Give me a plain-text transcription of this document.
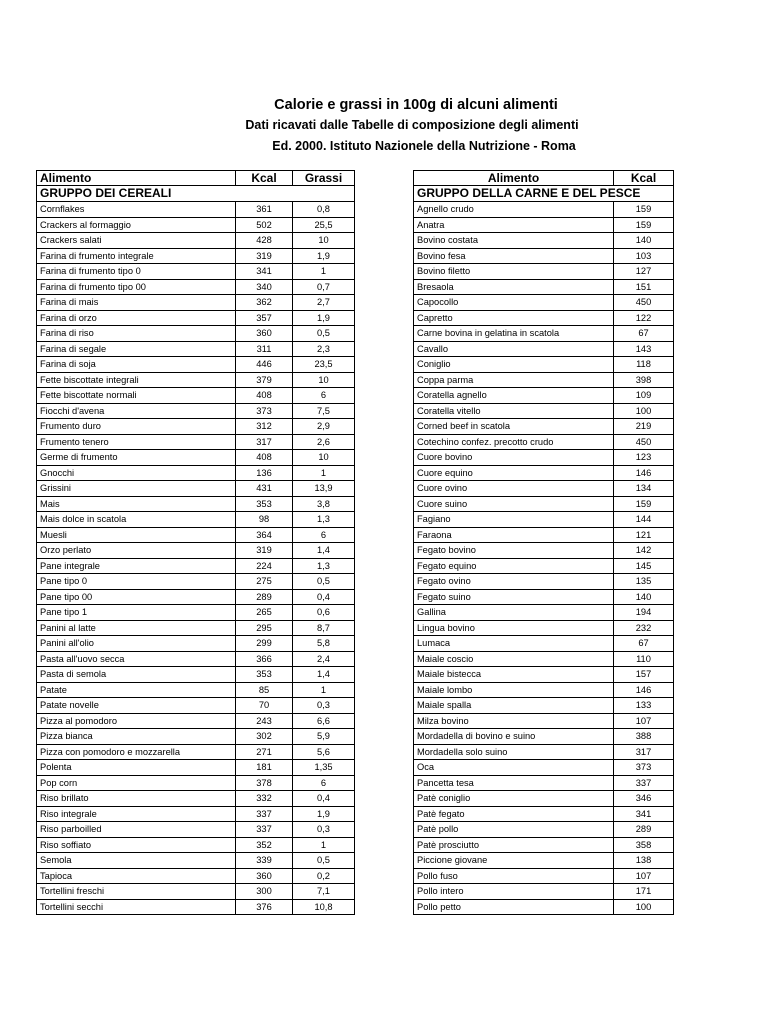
Calorie e grassi in 100g di alcuni alimenti
Dati ricavati dalle Tabelle di composizione degli alimenti
Ed. 2000. Istituto Nazionele della Nutrizione - Roma
Alimento	Kcal	Grassi
GRUPPO DEI CEREALI		
Cornflakes	361	0,8
Crackers al formaggio	502	25,5
Crackers salati	428	10
Farina di frumento integrale	319	1,9
Farina di frumento tipo 0	341	1
Farina di frumento tipo 00	340	0,7
Farina di mais	362	2,7
Farina di orzo	357	1,9
Farina di riso	360	0,5
Farina di segale	311	2,3
Farina di soja	446	23,5
Fette biscottate integrali	379	10
Fette biscottate normali	408	6
Fiocchi d'avena	373	7,5
Frumento duro	312	2,9
Frumento tenero	317	2,6
Germe di frumento	408	10
Gnocchi	136	1
Grissini	431	13,9
Mais	353	3,8
Mais dolce in scatola	98	1,3
Muesli	364	6
Orzo perlato	319	1,4
Pane integrale	224	1,3
Pane tipo 0	275	0,5
Pane tipo 00	289	0,4
Pane tipo 1	265	0,6
Panini al latte	295	8,7
Panini all'olio	299	5,8
Pasta all'uovo secca	366	2,4
Pasta di semola	353	1,4
Patate	85	1
Patate novelle	70	0,3
Pizza al pomodoro	243	6,6
Pizza bianca	302	5,9
Pizza con pomodoro e mozzarella	271	5,6
Polenta	181	1,35
Pop corn	378	6
Riso brillato	332	0,4
Riso integrale	337	1,9
Riso parboilled	337	0,3
Riso soffiato	352	1
Semola	339	0,5
Tapioca	360	0,2
Tortellini freschi	300	7,1
Tortellini secchi	376	10,8
Alimento	Kcal
GRUPPO DELLA CARNE E DEL PESCE	
Agnello crudo	159
Anatra	159
Bovino costata	140
Bovino fesa	103
Bovino filetto	127
Bresaola	151
Capocollo	450
Capretto	122
Carne bovina in gelatina in scatola	67
Cavallo	143
Coniglio	118
Coppa parma	398
Coratella agnello	109
Coratella vitello	100
Corned beef in scatola	219
Cotechino confez. precotto crudo	450
Cuore bovino	123
Cuore equino	146
Cuore ovino	134
Cuore suino	159
Fagiano	144
Faraona	121
Fegato bovino	142
Fegato equino	145
Fegato ovino	135
Fegato suino	140
Gallina	194
Lingua bovino	232
Lumaca	67
Maiale coscio	110
Maiale bistecca	157
Maiale lombo	146
Maiale spalla	133
Milza bovino	107
Mordadella di bovino e suino	388
Mordadella solo suino	317
Oca	373
Pancetta tesa	337
Patè coniglio	346
Patè fegato	341
Patè pollo	289
Patè prosciutto	358
Piccione giovane	138
Pollo fuso	107
Pollo intero	171
Pollo petto	100
